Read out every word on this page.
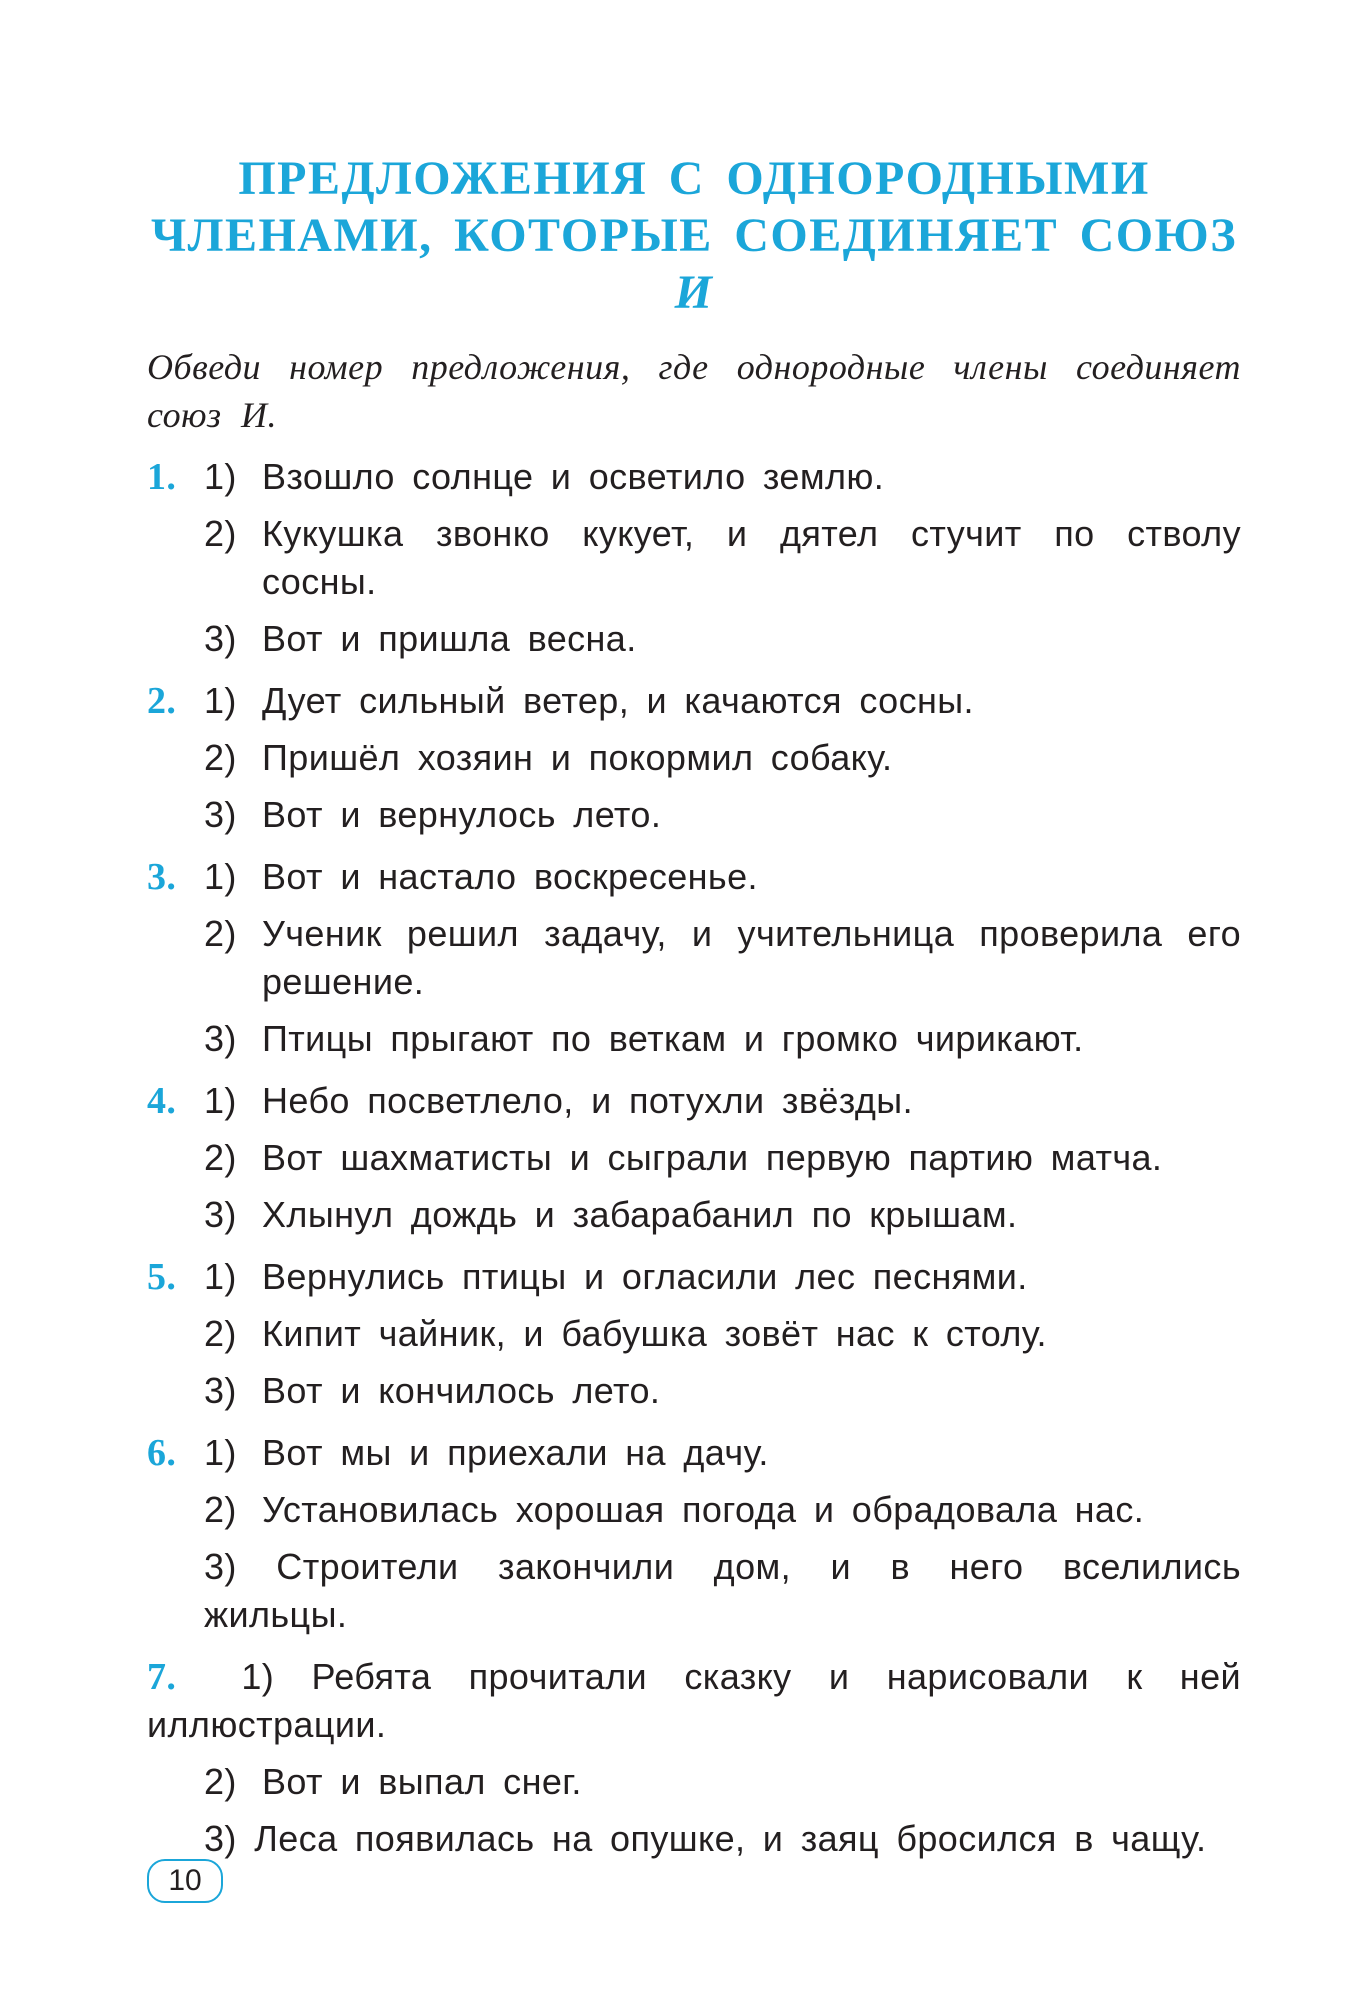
ПРЕДЛОЖЕНИЯ С ОДНОРОДНЫМИ
ЧЛЕНАМИ, КОТОРЫЕ СОЕДИНЯЕТ СОЮЗ И

Обведи номер предложения, где однородные члены соединяет союз И.

1. 1) Взошло солнце и осветило землю.
2) Кукушка звонко кукует, и дятел стучит по стволу сосны.
3) Вот и пришла весна.
2. 1) Дует сильный ветер, и качаются сосны.
2) Пришёл хозяин и покормил собаку.
3) Вот и вернулось лето.
3. 1) Вот и настало воскресенье.
2) Ученик решил задачу, и учительница проверила его решение.
3) Птицы прыгают по веткам и громко чирикают.
4. 1) Небо посветлело, и потухли звёзды.
2) Вот шахматисты и сыграли первую партию матча.
3) Хлынул дождь и забарабанил по крышам.
5. 1) Вернулись птицы и огласили лес песнями.
2) Кипит чайник, и бабушка зовёт нас к столу.
3) Вот и кончилось лето.
6. 1) Вот мы и приехали на дачу.
2) Установилась хорошая погода и обрадовала нас.
3) Строители закончили дом, и в него вселились жильцы.
7. 1) Ребята прочитали сказку и нарисовали к ней иллюстрации.
2) Вот и выпал снег.
3) Леса появилась на опушке, и заяц бросился в чащу.
10
